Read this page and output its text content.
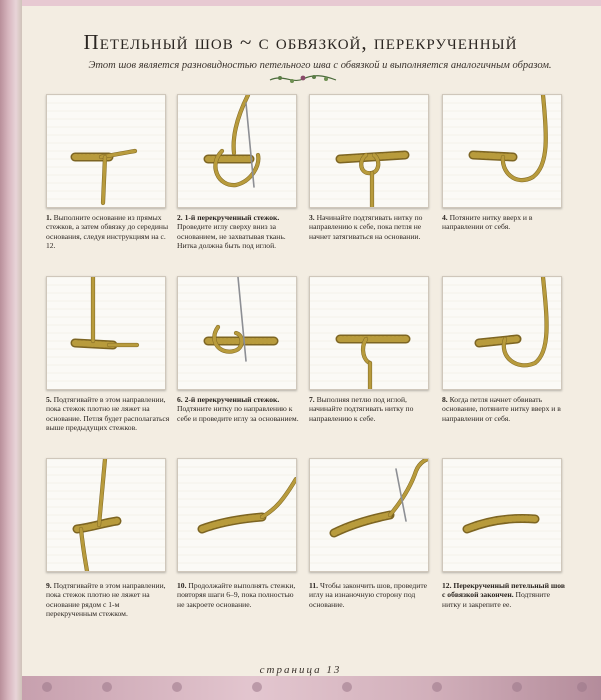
Петельный шов ~ с обвязкой, перекрученный
Этот шов является разновидностью петельного шва с обвязкой и выполняется аналогичным образом.
1. Выполните основание из прямых стежков, а затем обвязку до середины основания, следуя инструкциям на с. 12.
2. 1-й перекрученный стежок. Проведите иглу сверху вниз за основанием, не захватывая ткань. Нитка должна быть под иглой.
3. Начинайте подтягивать нитку по направлению к себе, пока петля не начнет затягиваться на основании.
4. Потяните нитку вверх и в направлении от себя.
5. Подтягивайте в этом направлении, пока стежок плотно не ляжет на основание. Петля будет располагаться выше предыдущих стежков.
6. 2-й перекрученный стежок. Подтяните нитку по направлению к себе и проведите иглу за основанием.
7. Выполняя петлю под иглой, начинайте подтягивать нитку по направлению к себе.
8. Когда петля начнет обвивать основание, потяните нитку вверх и в направлении от себя.
9. Подтягивайте в этом направлении, пока стежок плотно не ляжет на основание рядом с 1-м перекрученным стежком.
10. Продолжайте выполнять стежки, повторяя шаги 6–9, пока полностью не закроете основание.
11. Чтобы закончить шов, проведите иглу на изнаночную сторону под основание.
12. Перекрученный петельный шов с обвязкой закончен. Подтяните нитку и закрепите ее.
страница 13
